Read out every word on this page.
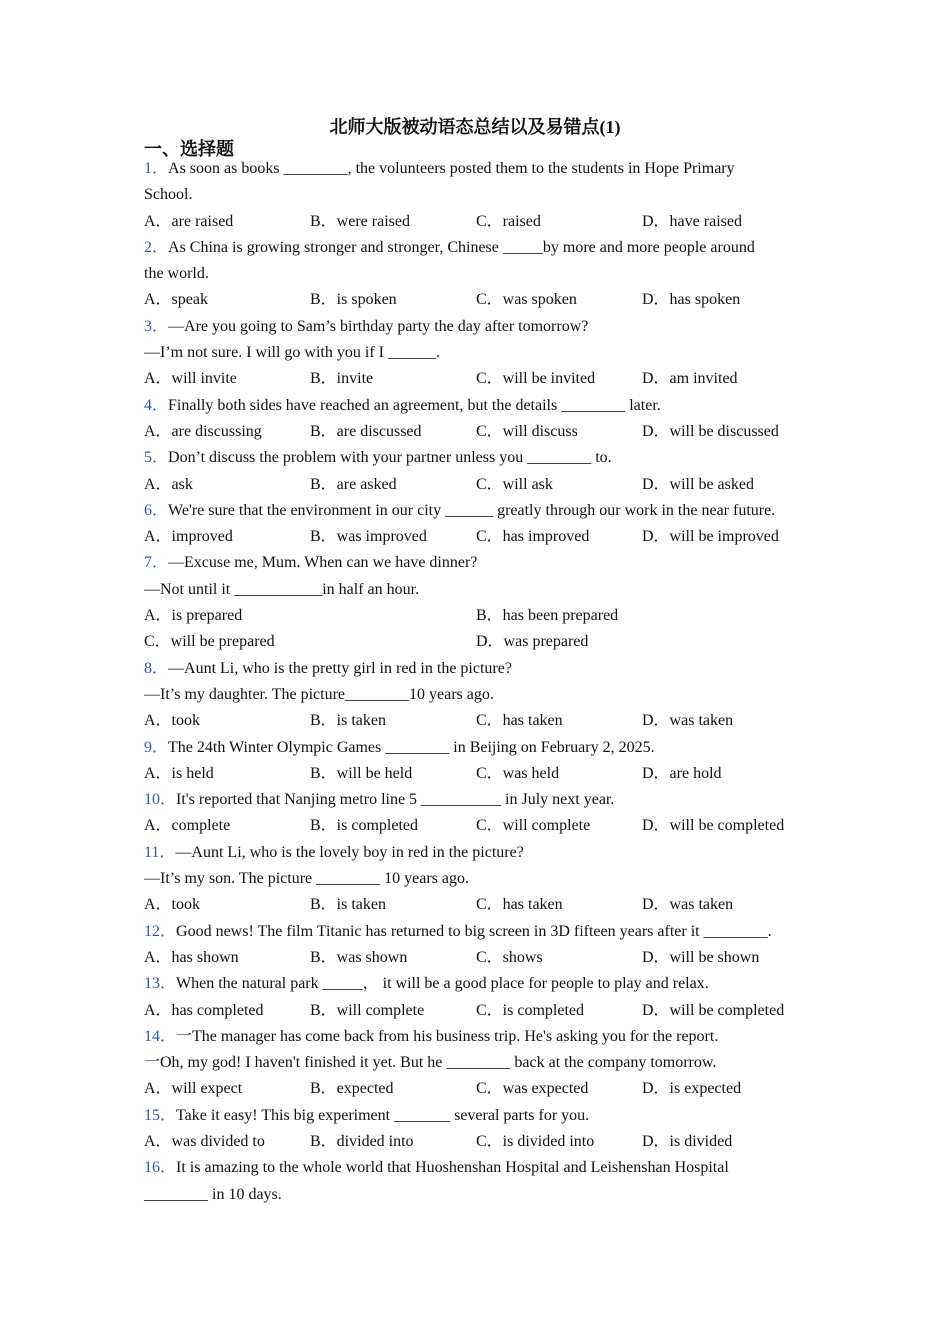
北师大版被动语态总结以及易错点(1)
一、选择题
1．As soon as books ________, the volunteers posted them to the students in Hope Primary
School.
A．are raised	B．were raised	C．raised	D．have raised
2．As China is growing stronger and stronger, Chinese _____by more and more people around
the world.
A．speak	B．is spoken	C．was spoken	D．has spoken
3．—Are you going to Sam’s birthday party the day after tomorrow?
—I’m not sure. I will go with you if I ______.
A．will invite	B．invite	C．will be invited	D．am invited
4．Finally both sides have reached an agreement, but the details ________ later.
A．are discussing	B．are discussed	C．will discuss	D．will be discussed
5．Don’t discuss the problem with your partner unless you ________ to.
A．ask	B．are asked	C．will ask	D．will be asked
6．We're sure that the environment in our city ______ greatly through our work in the near future.
A．improved	B．was improved	C．has improved	D．will be improved
7．—Excuse me, Mum. When can we have dinner?
—Not until it ___________in half an hour.
A．is prepared	B．has been prepared
C．will be prepared	D．was prepared
8．—Aunt Li, who is the pretty girl in red in the picture?
—It’s my daughter. The picture________10 years ago.
A．took	B．is taken	C．has taken	D．was taken
9．The 24th Winter Olympic Games ________ in Beijing on February 2, 2025.
A．is held	B．will be held	C．was held	D．are hold
10．It's reported that Nanjing metro line 5 __________ in July next year.
A．complete	B．is completed	C．will complete	D．will be completed
11．—Aunt Li, who is the lovely boy in red in the picture?
—It’s my son. The picture ________ 10 years ago.
A．took	B．is taken	C．has taken	D．was taken
12．Good news! The film Titanic has returned to big screen in 3D fifteen years after it ________.
A．has shown	B．was shown	C．shows	D．will be shown
13．When the natural park _____， it will be a good place for people to play and relax.
A．has completed	B．will complete	C．is completed	D．will be completed
14．一The manager has come back from his business trip. He's asking you for the report.
一Oh, my god! I haven't finished it yet. But he ________ back at the company tomorrow.
A．will expect	B．expected	C．was expected	D．is expected
15．Take it easy! This big experiment _______ several parts for you.
A．was divided to	B．divided into	C．is divided into	D．is divided
16．It is amazing to the whole world that Huoshenshan Hospital and Leishenshan Hospital
________ in 10 days.
